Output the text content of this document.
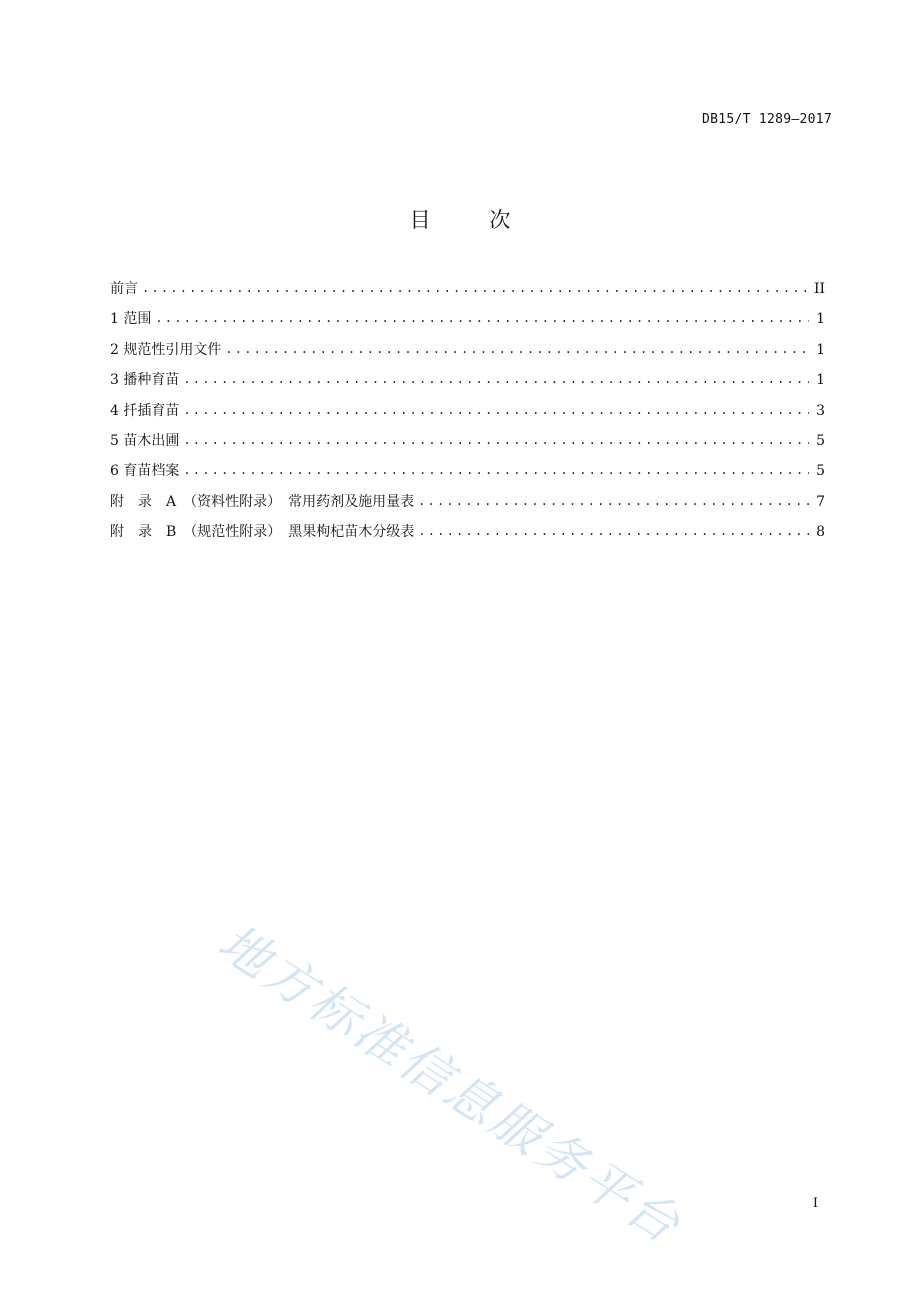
DB15/T 1289—2017
目 次
前言 .....	II
1 范围 .....	1
2 规范性引用文件 .....	1
3 播种育苗 .....	1
4 扦插育苗 .....	3
5 苗木出圃 .....	5
6 育苗档案 .....	5
附　录　A　（资料性附录）　常用药剂及施用量表 .....	7
附　录　B　（规范性附录）　黑果枸杞苗木分级表 .....	8
地方标准信息服务平台	I
